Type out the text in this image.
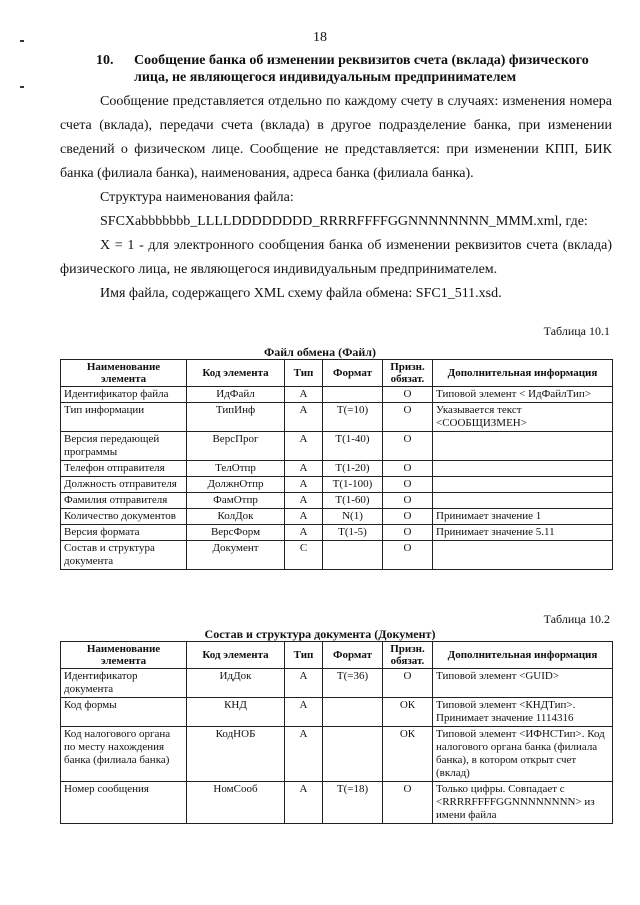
18
10.	Сообщение банка об изменении реквизитов счета (вклада) физического лица, не являющегося индивидуальным предпринимателем
Сообщение представляется отдельно по каждому счету в случаях: изменения номера счета (вклада), передачи счета (вклада) в другое подразделение банка, при изменении сведений о физическом лице. Сообщение не представляется: при изменении КПП, БИК банка (филиала банка), наименования, адреса банка (филиала банка).
Структура наименования файла:
SFCXabbbbbbb_LLLLDDDDDDDD_RRRRFFFFGGNNNNNNNN_MMM.xml, где:
X = 1 - для электронного сообщения банка об изменении реквизитов счета (вклада) физического лица, не являющегося индивидуальным предпринимателем.
Имя файла, содержащего XML схему файла обмена: SFC1_511.xsd.
Таблица 10.1
Файл обмена (Файл)
Наименование элемента	Код элемента	Тип	Формат	Призн. обязат.	Дополнительная информация
Идентификатор файла	ИдФайл	А		О	Типовой элемент < ИдФайлТип>
Тип информации	ТипИнф	А	Т(=10)	О	Указывается текст <СООБЩИЗМЕН>
Версия передающей программы	ВерсПрог	А	Т(1-40)	О	
Телефон отправителя	ТелОтпр	А	Т(1-20)	О	
Должность отправителя	ДолжнОтпр	А	Т(1-100)	О	
Фамилия отправителя	ФамОтпр	А	Т(1-60)	О	
Количество документов	КолДок	А	N(1)	О	Принимает значение 1
Версия формата	ВерсФорм	А	Т(1-5)	О	Принимает значение 5.11
Состав и структура документа	Документ	С		О	
Таблица 10.2
Состав и структура документа (Документ)
Наименование элемента	Код элемента	Тип	Формат	Призн. обязат.	Дополнительная информация
Идентификатор документа	ИдДок	А	Т(=36)	О	Типовой элемент <GUID>
Код формы	КНД	А		ОК	Типовой элемент <КНДТип>. Принимает значение 1114316
Код налогового органа по месту нахождения банка (филиала банка)	КодНОБ	А		ОК	Типовой элемент <ИФНСТип>. Код налогового органа банка (филиала банка), в котором открыт счет (вклад)
Номер сообщения	НомСооб	А	Т(=18)	О	Только цифры. Совпадает с <RRRRFFFFGGNNNNNNNN> из имени файла
